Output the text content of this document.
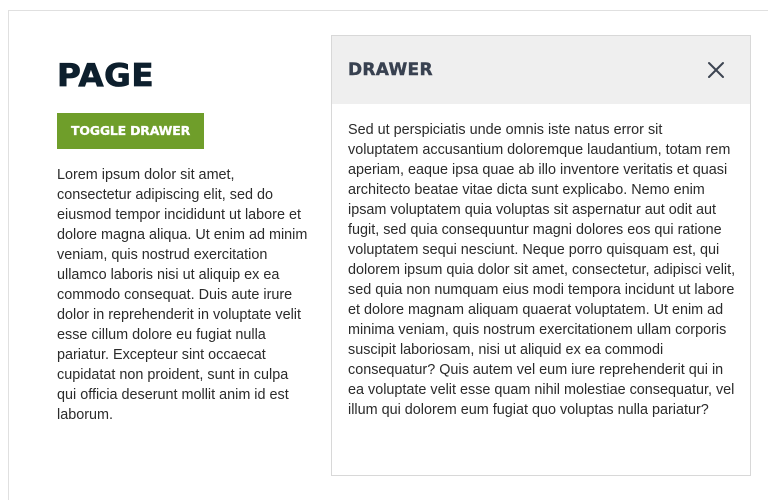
PAGE
TOGGLE DRAWER

Lorem ipsum dolor sit amet, consectetur adipiscing elit, sed do eiusmod tempor incididunt ut labore et dolore magna aliqua. Ut enim ad minim veniam, quis nostrud exercitation ullamco laboris nisi ut aliquip ex ea commodo consequat. Duis aute irure dolor in reprehenderit in voluptate velit esse cillum dolore eu fugiat nulla pariatur. Excepteur sint occaecat cupidatat non proident, sunt in culpa qui officia deserunt mollit anim id est laborum.

DRAWER

Sed ut perspiciatis unde omnis iste natus error sit voluptatem accusantium doloremque laudantium, totam rem aperiam, eaque ipsa quae ab illo inventore veritatis et quasi architecto beatae vitae dicta sunt explicabo. Nemo enim ipsam voluptatem quia voluptas sit aspernatur aut odit aut fugit, sed quia consequuntur magni dolores eos qui ratione voluptatem sequi nesciunt. Neque porro quisquam est, qui dolorem ipsum quia dolor sit amet, consectetur, adipisci velit, sed quia non numquam eius modi tempora incidunt ut labore et dolore magnam aliquam quaerat voluptatem. Ut enim ad minima veniam, quis nostrum exercitationem ullam corporis suscipit laboriosam, nisi ut aliquid ex ea commodi consequatur? Quis autem vel eum iure reprehenderit qui in ea voluptate velit esse quam nihil molestiae consequatur, vel illum qui dolorem eum fugiat quo voluptas nulla pariatur?
